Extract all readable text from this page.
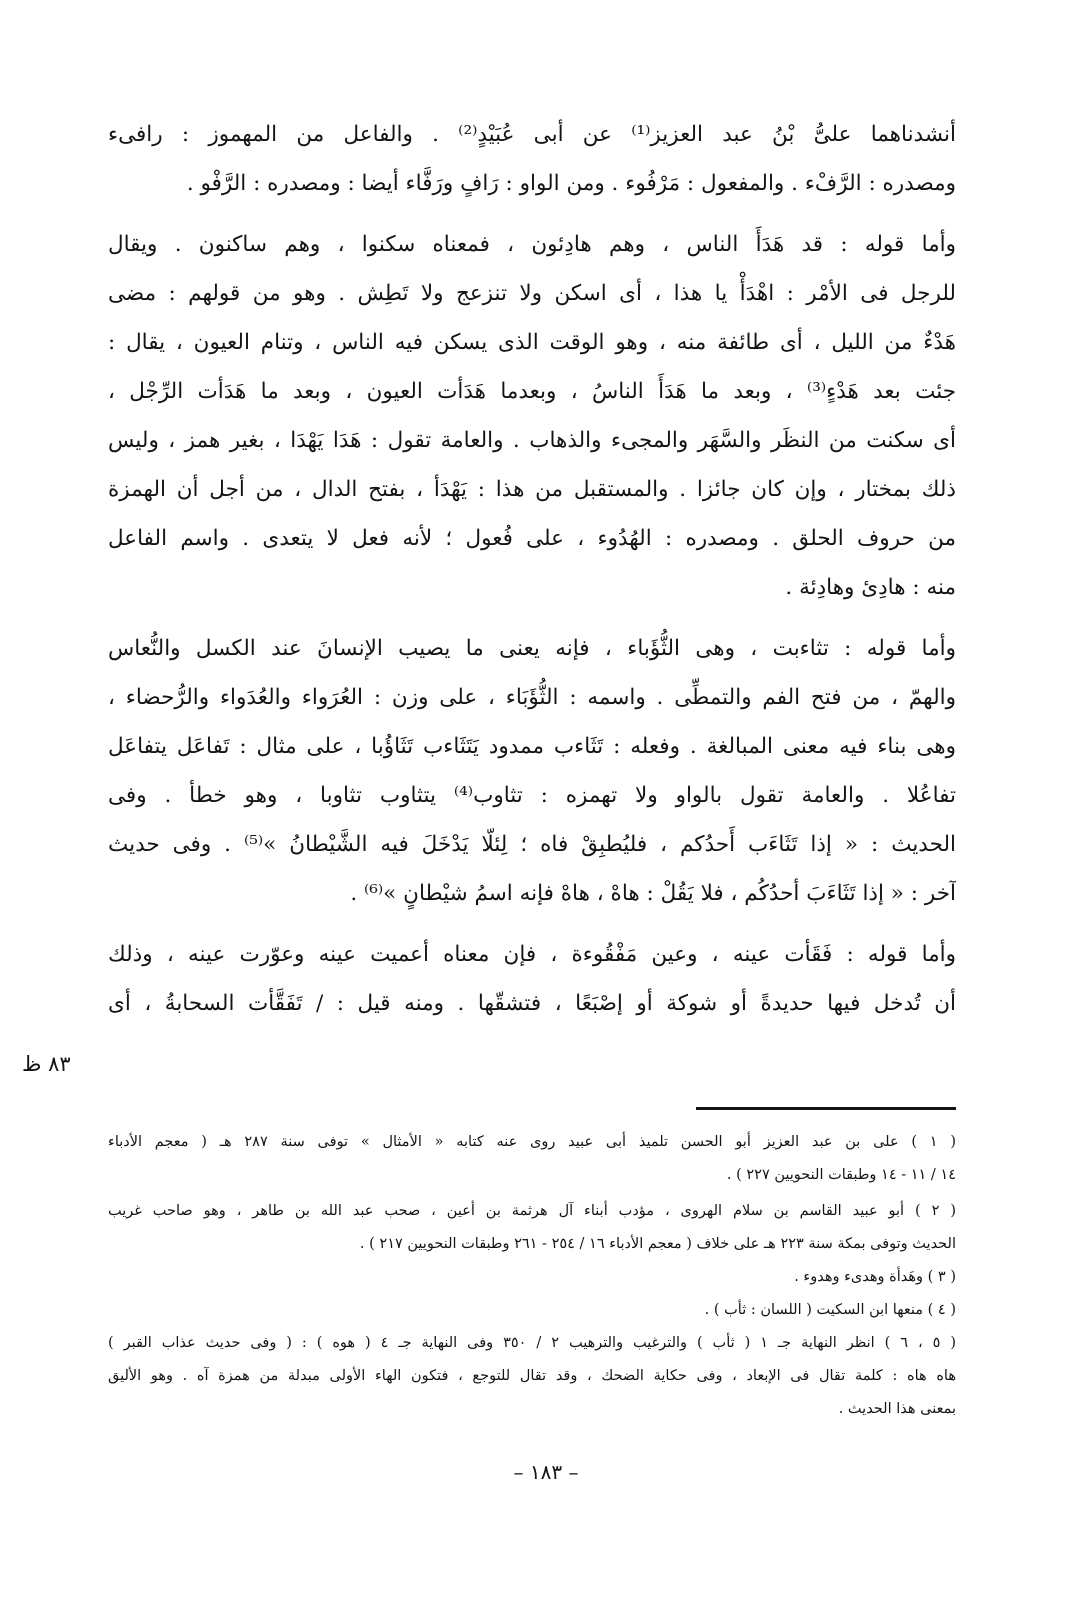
أنشدناهما علىُّ بْنُ عبد العزيز⁽¹⁾ عن أبى عُبَيْدٍ⁽²⁾ . والفاعل من المهموز : رافىء
ومصدره : الرَّفْء . والمفعول : مَرْفُوء . ومن الواو : رَافٍ ورَفَّاء أيضا : ومصدره : الرَّفْو .
وأما قوله : قد هَدَأَ الناس ، وهم هادِئون ، فمعناه سكنوا ، وهم ساكنون . ويقال
للرجل فى الأمْر : اهْدَأْ يا هذا ، أى اسكن ولا تنزعج ولا تَطِش . وهو من قولهم : مضى
هَدْءٌ من الليل ، أى طائفة منه ، وهو الوقت الذى يسكن فيه الناس ، وتنام العيون ، يقال :
جئت بعد هَدْءٍ⁽³⁾ ، وبعد ما هَدَأَ الناسُ ، وبعدما هَدَأت العيون ، وبعد ما هَدَأت الرِّجْل ،
أى سكنت من النظَر والسَّهَر والمجىء والذهاب . والعامة تقول : هَدَا يَهْدَا ، بغير همز ، وليس
ذلك بمختار ، وإن كان جائزا . والمستقبل من هذا : يَهْدَأ ، بفتح الدال ، من أجل أن الهمزة
من حروف الحلق . ومصدره : الهُدُوء ، على فُعول ؛ لأنه فعل لا يتعدى . واسم الفاعل
منه : هادِئ وهادِئة .
وأما قوله : تثاءبت ، وهى الثُّؤَباء ، فإنه يعنى ما يصيب الإنسانَ عند الكسل والنُّعاس
والهمّ ، من فتح الفم والتمطِّى . واسمه : الثُّؤَبَاء ، على وزن : العُرَواء والعُدَواء والرُّحضاء ،
وهى بناء فيه معنى المبالغة . وفعله : تَثَاءب ممدود يَتَثَاءب تَثَاؤُبا ، على مثال : تَفاعَل يتفاعَل
تفاعُلا . والعامة تقول بالواو ولا تهمزه : تثاوب⁽⁴⁾ يتثاوب تثاوبا ، وهو خطأ . وفى
الحديث : « إذا تَثَاءَب أَحدُكم ، فليُطبِقْ فاه ؛ لِئلّا يَدْخَلَ فيه الشَّيْطانُ »⁽⁵⁾ . وفى حديث
آخر : « إذا تَثَاءَبَ أحدُكُم ، فلا يَقُلْ : هاهْ ، هاهْ فإنه اسمُ شيْطانٍ »⁽⁶⁾ .
وأما قوله : فَقَأت عينه ، وعين مَفْقُوءة ، فإن معناه أعميت عينه وعوّرت عينه ، وذلك
أن تُدخل فيها حديدةً أو شوكة أو إصْبَعًا ، فتشقّها . ومنه قيل : / تَفَقَّأت السحابةُ ، أى
٨٣ ظ
( ١ ) على بن عبد العزيز أبو الحسن تلميذ أبى عبيد روى عنه كتابه « الأمثال » توفى سنة ٢٨٧ هـ ( معجم الأدباء
١٤ / ١١ - ١٤ وطبقات النحويين ٢٢٧ ) .
( ٢ ) أبو عبيد القاسم بن سلام الهروى ، مؤدب أبناء آل هرثمة بن أعين ، صحب عبد الله بن طاهر ، وهو صاحب غريب
الحديث وتوفى بمكة سنة ٢٢٣ هـ على خلاف ( معجم الأدباء ١٦ / ٢٥٤ - ٢٦١ وطبقات النحويين ٢١٧ ) .
( ٣ ) وهَدأة وهدىء وهدوء .
( ٤ ) منعها ابن السكيت ( اللسان : ثأب ) .
( ٥ ، ٦ ) انظر النهاية جـ ١ ( ثأب ) والترغيب والترهيب ٢ / ٣٥٠ وفى النهاية جـ ٤ ( هوه ) : ( وفى حديث عذاب القبر )
هاه هاه : كلمة تقال فى الإبعاد ، وفى حكاية الضحك ، وقد تقال للتوجع ، فتكون الهاء الأولى مبدلة من همزة آه . وهو الأليق
بمعنى هذا الحديث .
– ١٨٣ –
